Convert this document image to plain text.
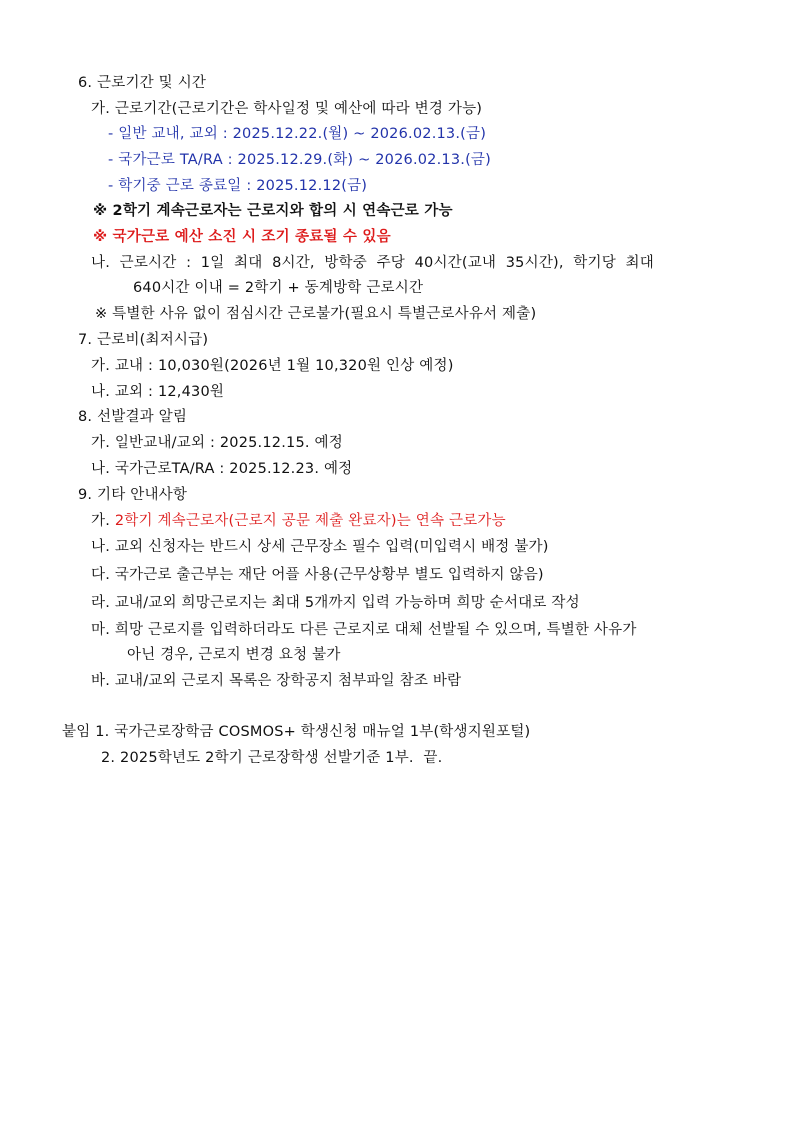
6. 근로기간 및 시간
가. 근로기간(근로기간은 학사일정 및 예산에 따라 변경 가능)
- 일반 교내, 교외 : 2025.12.22.(월) ~ 2026.02.13.(금)
- 국가근로 TA/RA : 2025.12.29.(화) ~ 2026.02.13.(금)
- 학기중 근로 종료일 : 2025.12.12(금)
※ 2학기 계속근로자는 근로지와 합의 시 연속근로 가능
※ 국가근로 예산 소진 시 조기 종료될 수 있음
나.  근로시간  :  1일  최대  8시간,  방학중  주당  40시간(교내  35시간),  학기당  최대
640시간 이내 = 2학기 + 동계방학 근로시간
※ 특별한 사유 없이 점심시간 근로불가(필요시 특별근로사유서 제출)
7. 근로비(최저시급)
가. 교내 : 10,030원(2026년 1월 10,320원 인상 예정)
나. 교외 : 12,430원
8. 선발결과 알림
가. 일반교내/교외 : 2025.12.15. 예정
나. 국가근로TA/RA : 2025.12.23. 예정
9. 기타 안내사항
가. 2학기 계속근로자(근로지 공문 제출 완료자)는 연속 근로가능
나. 교외 신청자는 반드시 상세 근무장소 필수 입력(미입력시 배정 불가)
다. 국가근로 출근부는 재단 어플 사용(근무상황부 별도 입력하지 않음)
라. 교내/교외 희망근로지는 최대 5개까지 입력 가능하며 희망 순서대로 작성
마. 희망 근로지를 입력하더라도 다른 근로지로 대체 선발될 수 있으며, 특별한 사유가
아닌 경우, 근로지 변경 요청 불가
바. 교내/교외 근로지 목록은 장학공지 첨부파일 참조 바람
붙임 1. 국가근로장학금 COSMOS+ 학생신청 매뉴얼 1부(학생지원포털)
2. 2025학년도 2학기 근로장학생 선발기준 1부.  끝.
